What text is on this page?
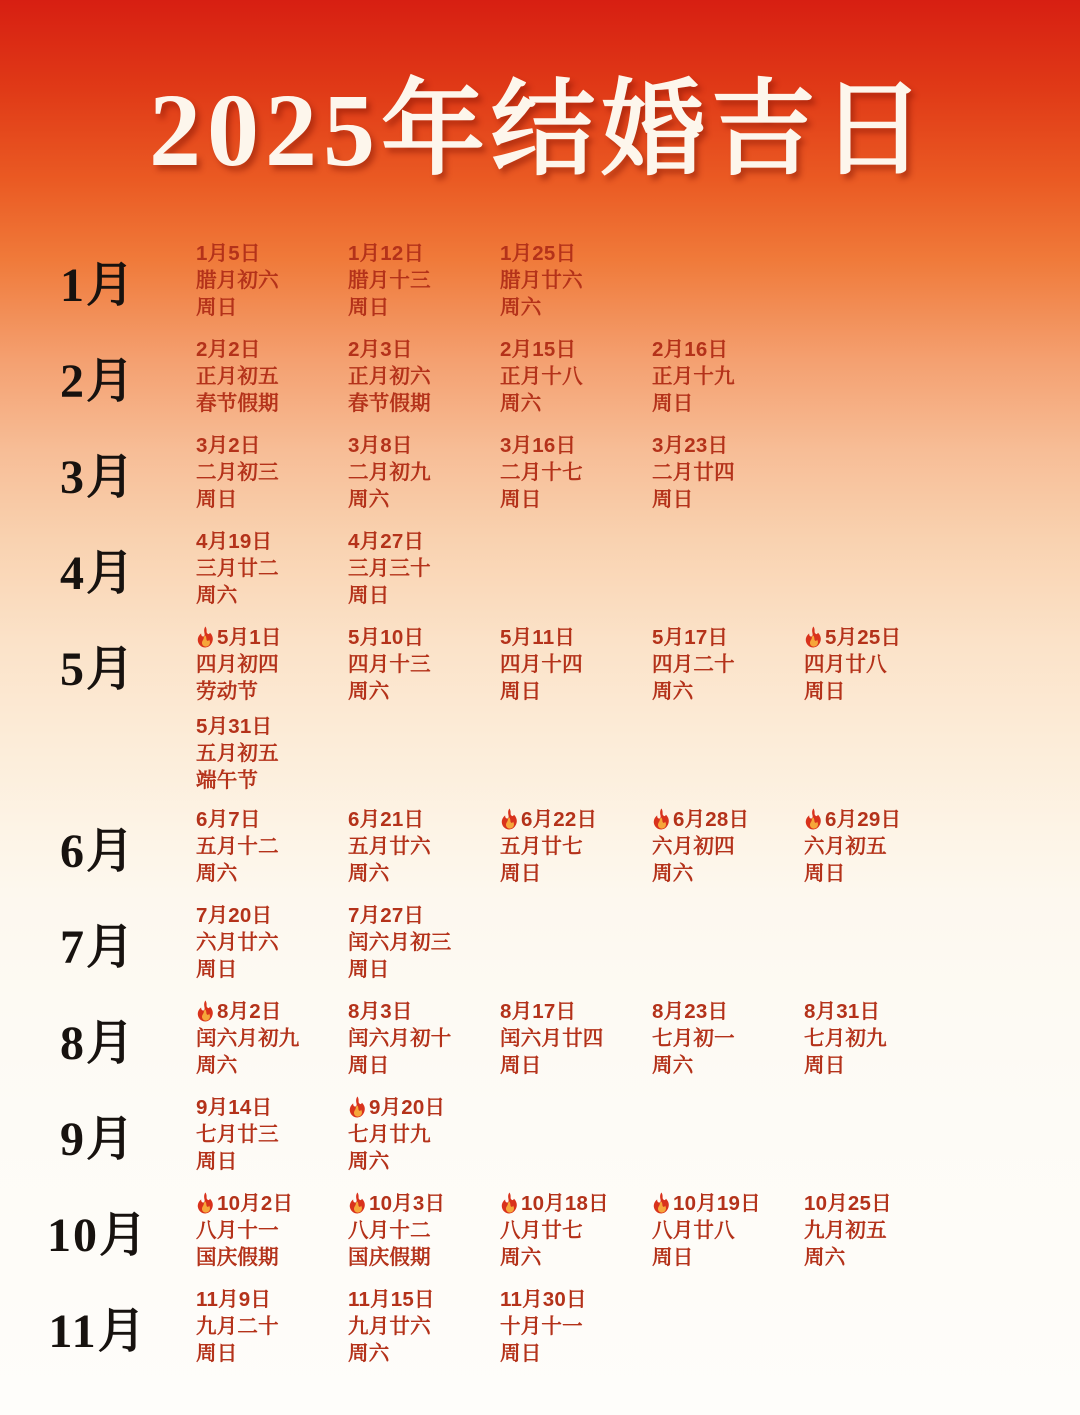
2025年结婚吉日
1月
1月5日
腊月初六
周日
1月12日
腊月十三
周日
1月25日
腊月廿六
周六
2月
2月2日
正月初五
春节假期
2月3日
正月初六
春节假期
2月15日
正月十八
周六
2月16日
正月十九
周日
3月
3月2日
二月初三
周日
3月8日
二月初九
周六
3月16日
二月十七
周日
3月23日
二月廿四
周日
4月
4月19日
三月廿二
周六
4月27日
三月三十
周日
5月
5月1日
四月初四
劳动节
5月10日
四月十三
周六
5月11日
四月十四
周日
5月17日
四月二十
周六
5月25日
四月廿八
周日
5月31日
五月初五
端午节
6月
6月7日
五月十二
周六
6月21日
五月廿六
周六
6月22日
五月廿七
周日
6月28日
六月初四
周六
6月29日
六月初五
周日
7月
7月20日
六月廿六
周日
7月27日
闰六月初三
周日
8月
8月2日
闰六月初九
周六
8月3日
闰六月初十
周日
8月17日
闰六月廿四
周日
8月23日
七月初一
周六
8月31日
七月初九
周日
9月
9月14日
七月廿三
周日
9月20日
七月廿九
周六
10月
10月2日
八月十一
国庆假期
10月3日
八月十二
国庆假期
10月18日
八月廿七
周六
10月19日
八月廿八
周日
10月25日
九月初五
周六
11月
11月9日
九月二十
周日
11月15日
九月廿六
周六
11月30日
十月十一
周日
